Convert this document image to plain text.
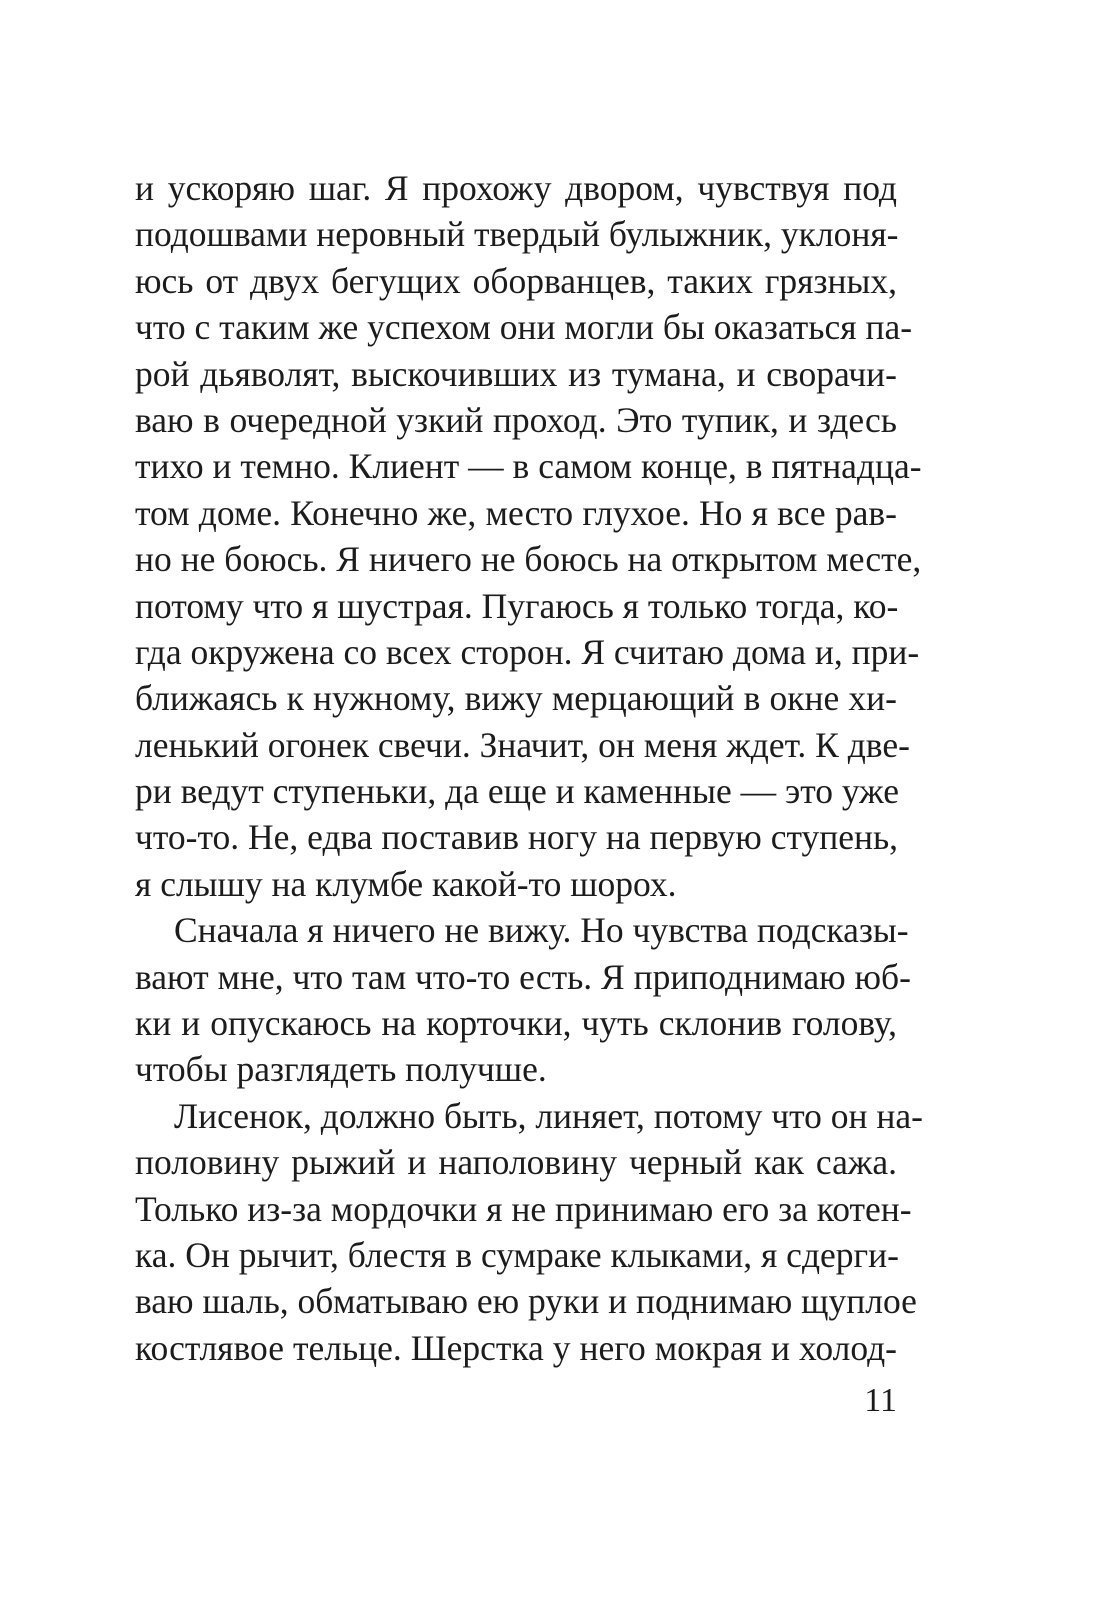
и ускоряю шаг. Я прохожу двором, чувствуя под
подошвами неровный твердый булыжник, уклоня-
юсь от двух бегущих оборванцев, таких грязных,
что с таким же успехом они могли бы оказаться па-
рой дьяволят, выскочивших из тумана, и сворачи-
ваю в очередной узкий проход. Это тупик, и здесь
тихо и темно. Клиент — в самом конце, в пятнадца-
том доме. Конечно же, место глухое. Но я все рав-
но не боюсь. Я ничего не боюсь на открытом месте,
потому что я шустрая. Пугаюсь я только тогда, ко-
гда окружена со всех сторон. Я считаю дома и, при-
ближаясь к нужному, вижу мерцающий в окне хи-
ленький огонек свечи. Значит, он меня ждет. К две-
ри ведут ступеньки, да еще и каменные — это уже
что-то. Не, едва поставив ногу на первую ступень,
я слышу на клумбе какой-то шорох.
Сначала я ничего не вижу. Но чувства подсказы-
вают мне, что там что-то есть. Я приподнимаю юб-
ки и опускаюсь на корточки, чуть склонив голову,
чтобы разглядеть получше.
Лисенок, должно быть, линяет, потому что он на-
половину рыжий и наполовину черный как сажа.
Только из-за мордочки я не принимаю его за котен-
ка. Он рычит, блестя в сумраке клыками, я сдерги-
ваю шаль, обматываю ею руки и поднимаю щуплое
костлявое тельце. Шерстка у него мокрая и холод-
11
